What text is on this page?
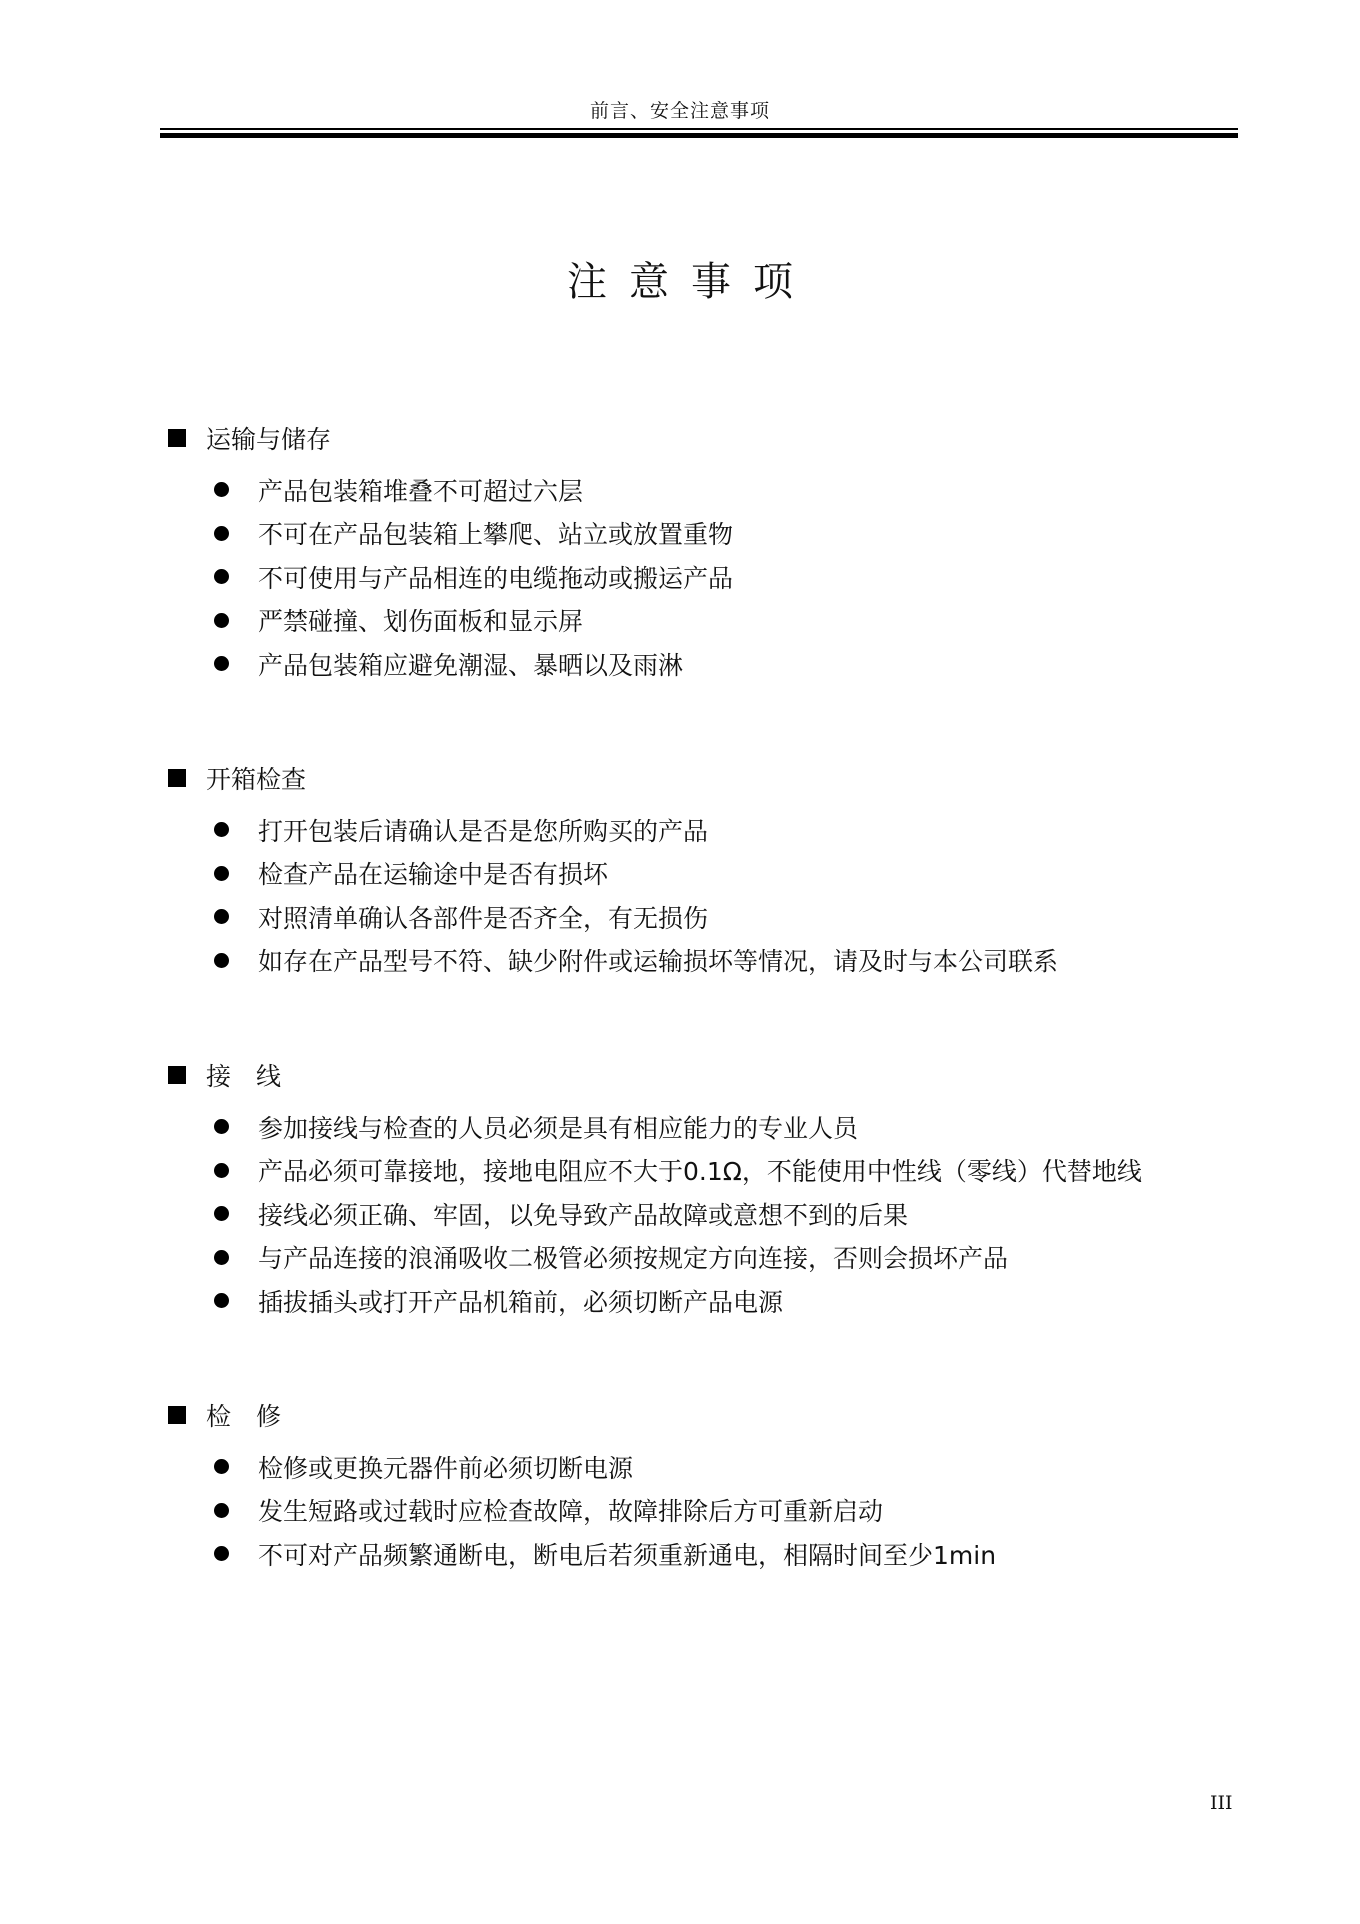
前言、安全注意事项
注意事项
运输与储存
产品包装箱堆叠不可超过六层
不可在产品包装箱上攀爬、站立或放置重物
不可使用与产品相连的电缆拖动或搬运产品
严禁碰撞、划伤面板和显示屏
产品包装箱应避免潮湿、暴晒以及雨淋
开箱检查
打开包装后请确认是否是您所购买的产品
检查产品在运输途中是否有损坏
对照清单确认各部件是否齐全，有无损伤
如存在产品型号不符、缺少附件或运输损坏等情况，请及时与本公司联系
接　线
参加接线与检查的人员必须是具有相应能力的专业人员
产品必须可靠接地，接地电阻应不大于0.1Ω，不能使用中性线（零线）代替地线
接线必须正确、牢固，以免导致产品故障或意想不到的后果
与产品连接的浪涌吸收二极管必须按规定方向连接，否则会损坏产品
插拔插头或打开产品机箱前，必须切断产品电源
检　修
检修或更换元器件前必须切断电源
发生短路或过载时应检查故障，故障排除后方可重新启动
不可对产品频繁通断电，断电后若须重新通电，相隔时间至少1min
III
